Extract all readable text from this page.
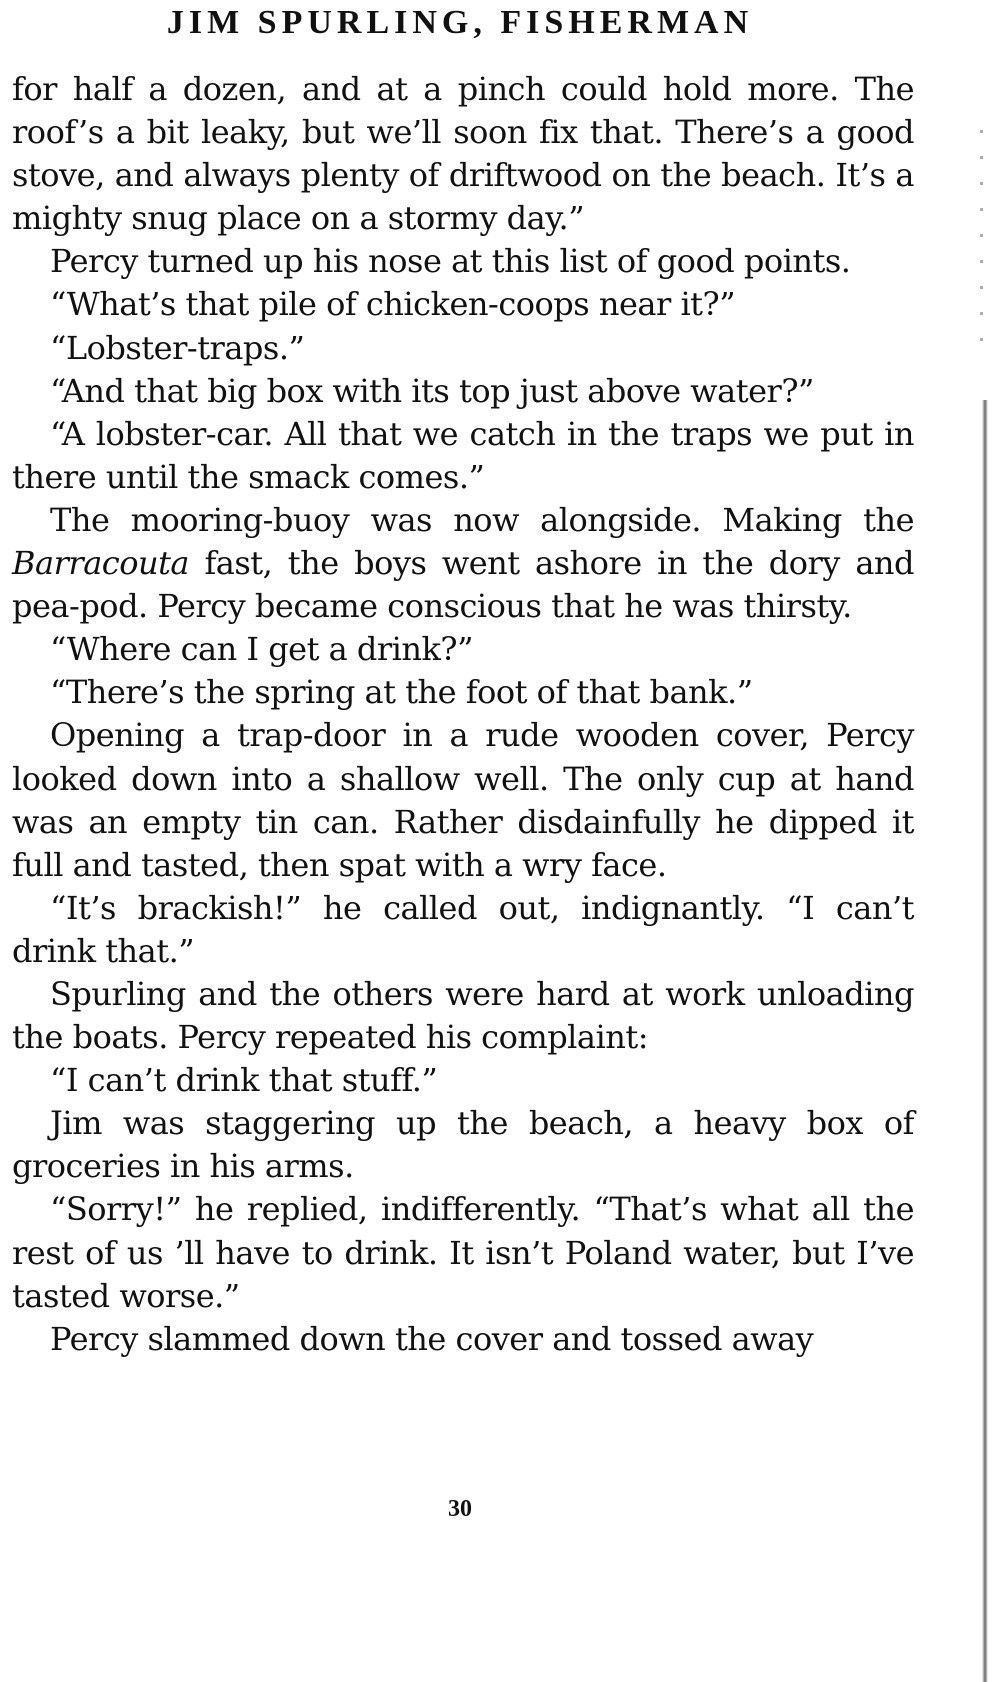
JIM SPURLING, FISHERMAN

for half a dozen, and at a pinch could hold more. The roof’s a bit leaky, but we’ll soon fix that. There’s a good stove, and always plenty of driftwood on the beach. It’s a mighty snug place on a stormy day.”

Percy turned up his nose at this list of good points.

“What’s that pile of chicken-coops near it?”

“Lobster-traps.”

“And that big box with its top just above water?”

“A lobster-car. All that we catch in the traps we put in there until the smack comes.”

The mooring-buoy was now alongside. Making the Barracouta fast, the boys went ashore in the dory and pea-pod. Percy became conscious that he was thirsty.

“Where can I get a drink?”

“There’s the spring at the foot of that bank.”

Opening a trap-door in a rude wooden cover, Percy looked down into a shallow well. The only cup at hand was an empty tin can. Rather disdainfully he dipped it full and tasted, then spat with a wry face.

“It’s brackish!” he called out, indignantly. “I can’t drink that.”

Spurling and the others were hard at work unloading the boats. Percy repeated his complaint:

“I can’t drink that stuff.”

Jim was staggering up the beach, a heavy box of groceries in his arms.

“Sorry!” he replied, indifferently. “That’s what all the rest of us ’ll have to drink. It isn’t Poland water, but I’ve tasted worse.”

Percy slammed down the cover and tossed away

30
